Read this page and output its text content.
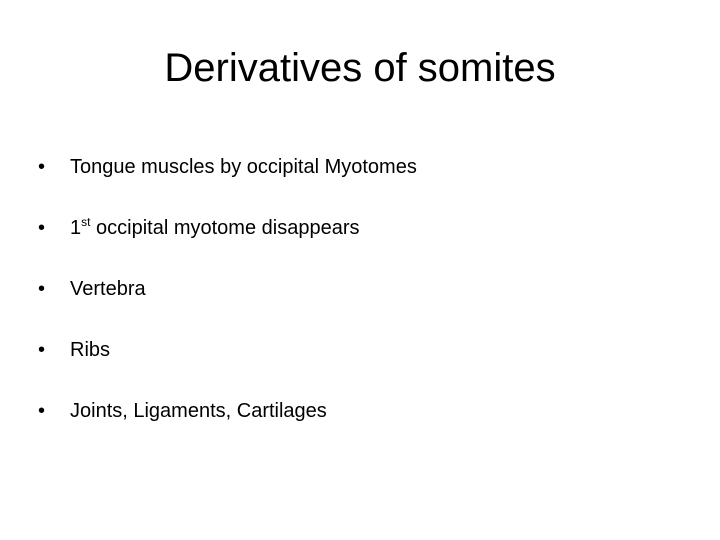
Derivatives of somites
•	Tongue muscles by occipital Myotomes
•	1st occipital myotome disappears
•	Vertebra
•	Ribs
•	Joints, Ligaments, Cartilages
